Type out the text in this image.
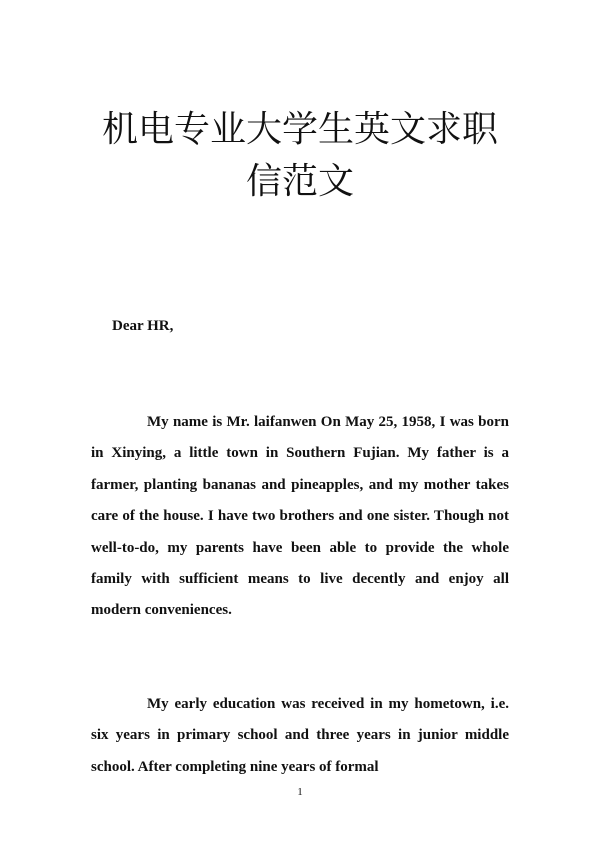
机电专业大学生英文求职
信范文
Dear HR,

My name is Mr. laifanwen On May 25, 1958, I was born in Xinying, a little town in Southern Fujian. My father is a farmer, planting bananas and pineapples, and my mother takes care of the house. I have two brothers and one sister. Though not well-to-do, my parents have been able to provide the whole family with sufficient means to live decently and enjoy all modern conveniences.

My early education was received in my hometown, i.e. six years in primary school and three years in junior middle school. After completing nine years of formal

1
